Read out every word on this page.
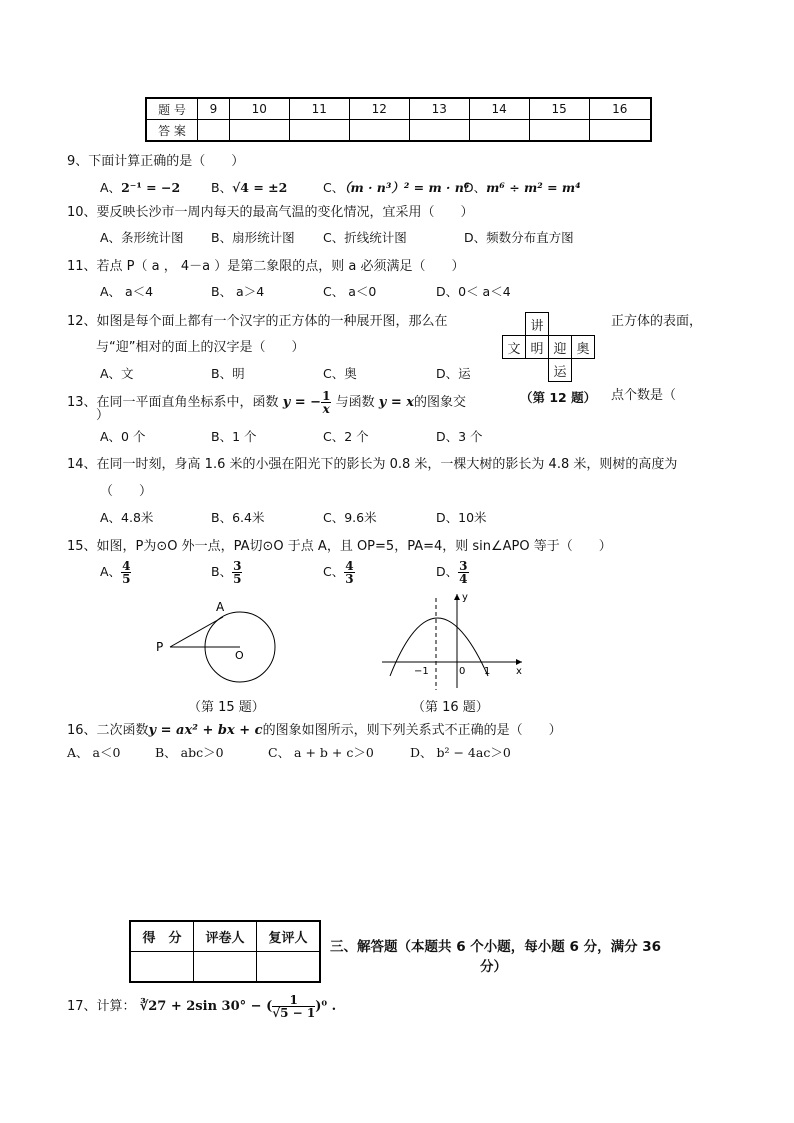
题 号	9	10	11	12	13	14	15	16
答 案								
9、下面计算正确的是（　　）
A、2⁻¹ = −2 B、√4 = ±2	C、（m · n³）² = m · n⁶
D、m⁶ ÷ m² = m⁴
10、要反映长沙市一周内每天的最高气温的变化情况，宜采用（　　）
A、条形统计图 B、扇形统计图 C、折线统计图	D、频数分布直方图
11、若点 P（ a ， 4－a ）是第二象限的点，则 a 必须满足（　　）
A、 a＜4	B、 a＞4	C、 a＜0	D、0＜ a＜4
12、如图是每个面上都有一个汉字的正方体的一种展开图，那么在	正方体的表面，
与“迎”相对的面上的汉字是（　　）
	讲		
文	明	迎	奥
		运	
（第 12 题）
A、文	B、明	C、奥	D、运
13、在同一平面直角坐标系中，函数 y = − $\frac{1}{x}$ 与函数 y = x的图象交	点个数是（
）
A、0 个	B、1 个	C、2 个	D、3 个
14、在同一时刻，身高 1.6 米的小强在阳光下的影长为 0.8 米，一棵大树的影长为 4.8 米，则树的高度为
（　　）
A、4.8米	B、6.4米	C、9.6米	D、10米
15、如图，P为⊙O 外一点，PA切⊙O 于点 A，且 OP=5，PA=4，则 sin∠APO 等于（　　）
A、 $\frac{4}{5}$	B、 $\frac{3}{5}$	C、 $\frac{4}{3}$	D、 $\frac{3}{4}$
A
P
O
（第 15 题）
y
x
−1	0 1
（第 16 题）
16、二次函数y = ax² + bx + c的图象如图所示，则下列关系式不正确的是（　　）
A、 a＜0	B、 abc＞0	C、 a + b + c＞0	D、 b² − 4ac＞0
得　分	评卷人	复评人

三、解答题（本题共 6 个小题，每小题 6 分，满分 36
分）
17、计算： ∛27 + 2sin 30° − ( $\frac{1}{√5 - 1} )^0$ .
